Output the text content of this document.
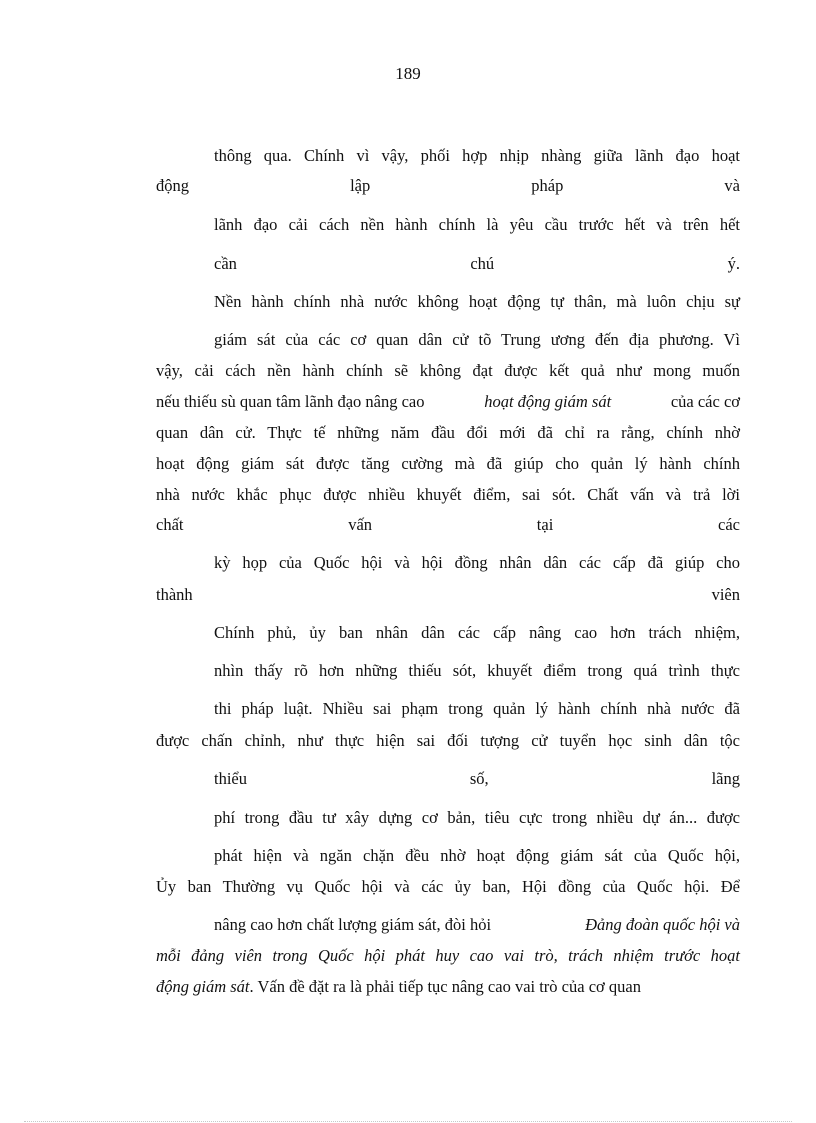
189
thông qua. Chính vì vậy, phối hợp nhịp nhàng giữa lãnh đạo hoạt
động lập pháp và
lãnh đạo cải cách nền hành chính là yêu cầu trước hết và trên hết
cần chú ý.
Nền hành chính nhà nước không hoạt động tự thân, mà luôn chịu sự
giám sát của các cơ quan dân cử tõ Trung ương đến địa phương. Vì
vậy, cải cách nền hành chính sẽ không đạt được kết quả như mong muốn
nếu thiếu sù quan tâm lãnh đạo nâng cao	hoạt động giám sát	của các cơ
quan dân cử. Thực tế những năm đầu đổi mới đã chỉ ra rằng, chính nhờ
hoạt động giám sát được tăng cường mà đã giúp cho quản lý hành chính
nhà nước khắc phục được nhiều khuyết điểm, sai sót. Chất vấn và trả lời
chất vấn tại các
kỳ họp của Quốc hội và hội đồng nhân dân các cấp đã giúp cho
thành viên
Chính phủ, ủy ban nhân dân các cấp nâng cao hơn trách nhiệm,
nhìn thấy rõ hơn những thiếu sót, khuyết điểm trong quá trình thực
thi pháp luật. Nhiều sai phạm trong quản lý hành chính nhà nước đã
được chấn chỉnh, như thực hiện sai đối tượng cử tuyển học sinh dân tộc
thiểu số, lãng
phí trong đầu tư xây dựng cơ bản, tiêu cực trong nhiều dự án... được
phát hiện và ngăn chặn đều nhờ hoạt động giám sát của Quốc hội,
Ủy ban Thường vụ Quốc hội và các ủy ban, Hội đồng của Quốc hội. Để
nâng cao hơn chất lượng giám sát, đòi hỏi	Đảng đoàn quốc hội và
mỗi đảng viên trong Quốc hội phát huy cao vai trò, trách nhiệm trước hoạt
động giám sát. Vấn đề đặt ra là phải tiếp tục nâng cao vai trò của cơ quan
